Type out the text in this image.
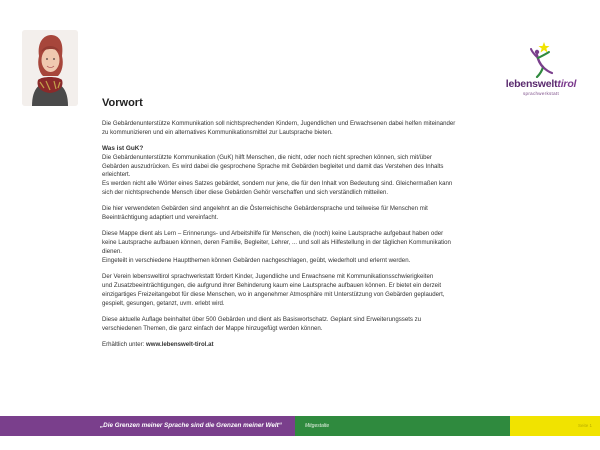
lebenswelttirol
sprachwerkstatt
Vorwort
Die Gebärdenunterstütze Kommunikation soll nichtsprechenden Kindern, Jugendlichen und Erwachsenen dabei helfen miteinander
zu kommunizieren und ein alternatives Kommunikationsmittel zur Lautsprache bieten.
Was ist GuK?
Die Gebärdenunterstützte Kommunikation (GuK) hilft Menschen, die nicht, oder noch nicht sprechen können, sich mit/über
Gebärden auszudrücken. Es wird dabei die gesprochene Sprache mit Gebärden begleitet und damit das Verstehen des Inhalts
erleichtert.
Es werden nicht alle Wörter eines Satzes gebärdet, sondern nur jene, die für den Inhalt von Bedeutung sind. Gleichermaßen kann
sich der nichtsprechende Mensch über diese Gebärden Gehör verschaffen und sich verständlich mitteilen.
Die hier verwendeten Gebärden sind angelehnt an die Österreichische Gebärdensprache und teilweise für Menschen mit
Beeinträchtigung adaptiert und vereinfacht.
Diese Mappe dient als Lern – Erinnerungs- und Arbeitshilfe für Menschen, die (noch) keine Lautsprache aufgebaut haben oder
keine Lautsprache aufbauen können, deren Familie, Begleiter, Lehrer, ... und soll als Hilfestellung in der täglichen Kommunikation
dienen.
Eingeteilt in verschiedene Hauptthemen können Gebärden nachgeschlagen, geübt, wiederholt und erlernt werden.
Der Verein lebensweltirol sprachwerkstatt fördert Kinder, Jugendliche und Erwachsene mit Kommunikationsschwierigkeiten
und Zusatzbeeinträchtigungen, die aufgrund ihrer Behinderung kaum eine Lautsprache aufbauen können. Er bietet ein derzeit
einzigartiges Freizeitangebot für diese Menschen, wo in angenehmer Atmosphäre mit Unterstützung von Gebärden geplaudert,
gespielt, gesungen, getanzt, uvm. erlebt wird.
Diese aktuelle Auflage beinhaltet über 500 Gebärden und dient als Basiswortschatz. Geplant sind Erweiterungssets zu
verschiedenen Themen, die ganz einfach der Mappe hinzugefügt werden können.
Erhältlich unter: www.lebenswelt-tirol.at
„Die Grenzen meiner Sprache sind die Grenzen meiner Welt“	Mitgestalte	Seite 1
